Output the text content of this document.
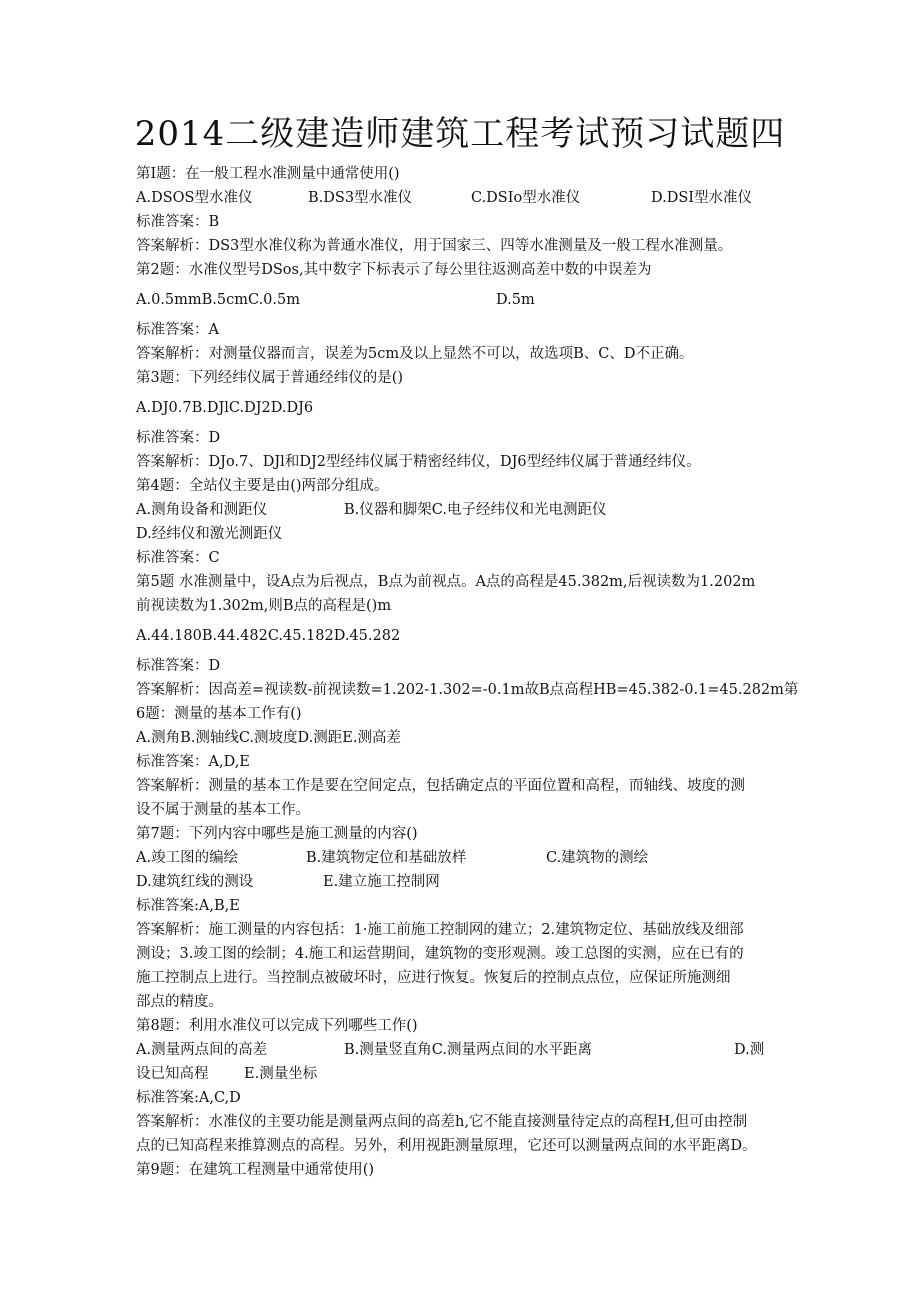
2014二级建造师建筑工程考试预习试题四
第I题：在一般工程水准测量中通常使用()
A.DSOS型水准仪	B.DS3型水准仪	C.DSIo型水准仪	D.DSI型水准仪
标准答案：B
答案解析：DS3型水准仪称为普通水准仪，用于国家三、四等水准测量及一般工程水准测量。
第2题：水准仪型号DSos,其中数字下标表示了每公里往返测高差中数的中误差为
A.0.5mmB.5cmC.0.5m	D.5m
标准答案：A
答案解析：对测量仪器而言，误差为5cm及以上显然不可以，故选项B、C、D不正确。
第3题：下列经纬仪属于普通经纬仪的是()
A.DJ0.7B.DJlC.DJ2D.DJ6
标准答案：D
答案解析：DJo.7、DJl和DJ2型经纬仪属于精密经纬仪，DJ6型经纬仪属于普通经纬仪。
第4题：全站仪主要是由()两部分组成。
A.测角设备和测距仪	B.仪器和脚架C.电子经纬仪和光电测距仪
D.经纬仪和激光测距仪
标准答案：C
第5题 水准测量中，设A点为后视点，B点为前视点。A点的高程是45.382m,后视读数为1.202m
前视读数为1.302m,则B点的高程是()m
A.44.180B.44.482C.45.182D.45.282
标准答案：D
答案解析：因高差=视读数-前视读数=1.202-1.302=-0.1m故B点高程HB=45.382-0.1=45.282m第
6题：测量的基本工作有()
A.测角B.测轴线C.测坡度D.测距E.测高差
标准答案：A,D,E
答案解析：测量的基本工作是要在空间定点，包括确定点的平面位置和高程，而轴线、坡度的测
设不属于测量的基本工作。
第7题：下列内容中哪些是施工测量的内容()
A.竣工图的编绘	B.建筑物定位和基础放样	C.建筑物的测绘
D.建筑红线的测设	E.建立施工控制网
标准答案:A,B,E
答案解析：施工测量的内容包括：1·施工前施工控制网的建立；2.建筑物定位、基础放线及细部
测设；3.竣工图的绘制；4.施工和运营期间，建筑物的变形观测。竣工总图的实测，应在已有的
施工控制点上进行。当控制点被破坏时，应进行恢复。恢复后的控制点点位，应保证所施测细
部点的精度。
第8题：利用水准仪可以完成下列哪些工作()
A.测量两点间的高差	B.测量竖直角C.测量两点间的水平距离	D.测
设已知高程	E.测量坐标
标准答案:A,C,D
答案解析：水准仪的主要功能是测量两点间的高差h,它不能直接测量待定点的高程H,但可由控制
点的已知高程来推算测点的高程。另外，利用视距测量原理，它还可以测量两点间的水平距离D。
第9题：在建筑工程测量中通常使用()
